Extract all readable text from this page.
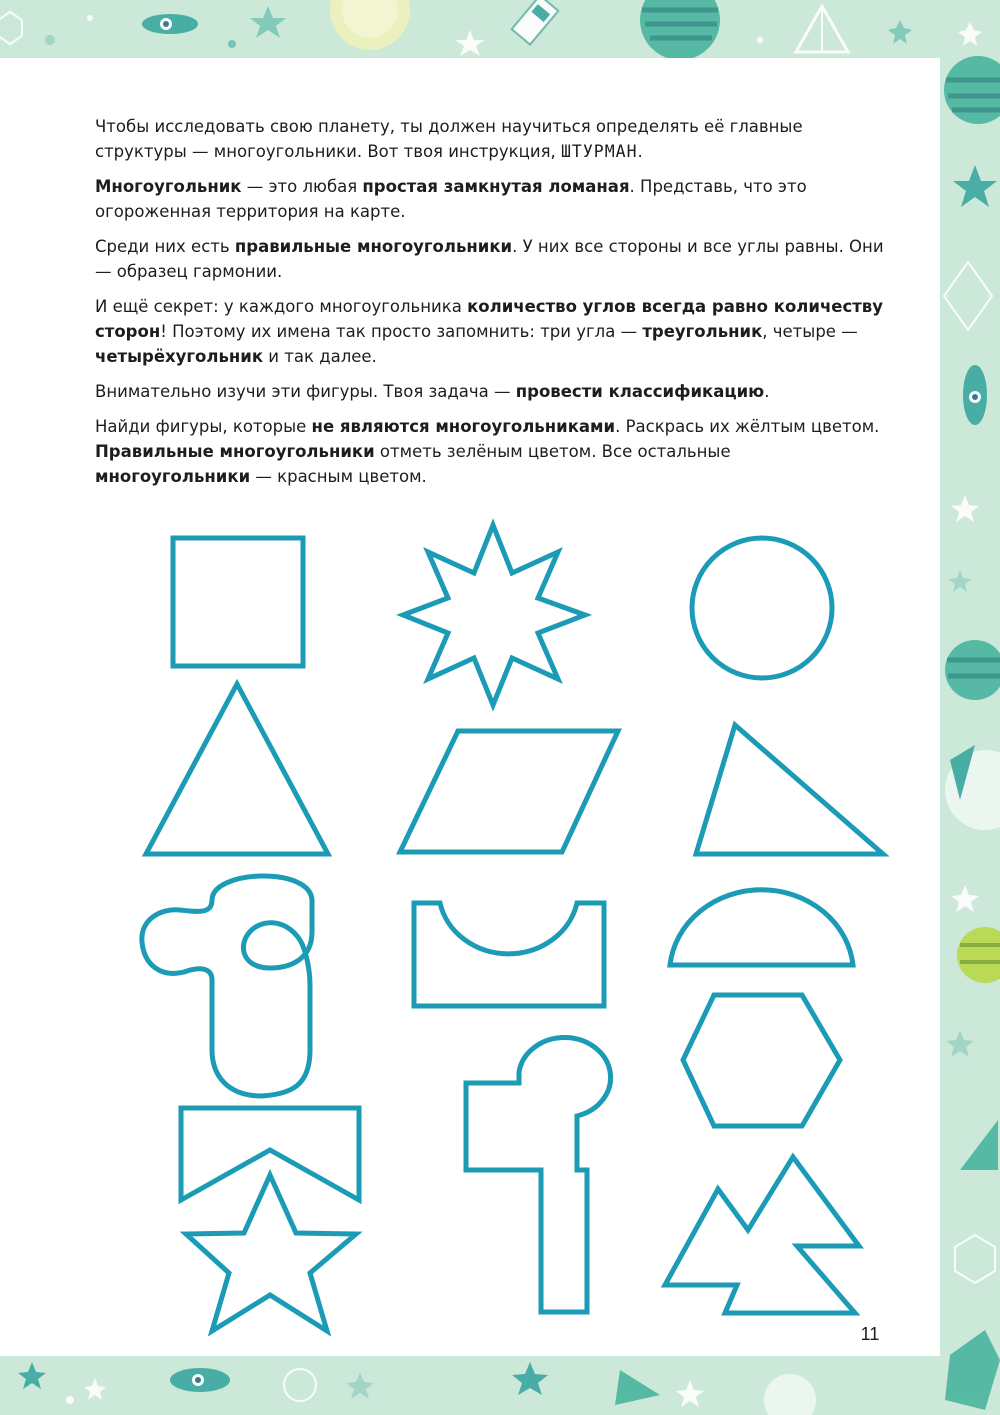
Чтобы исследовать свою планету, ты должен научиться определять её главные структуры — многоугольники. Вот твоя инструкция, ШТУРМАН.

Многоугольник — это любая простая замкнутая ломаная. Представь, что это огороженная территория на карте.

Среди них есть правильные многоугольники. У них все стороны и все углы равны. Они — образец гармонии.

И ещё секрет: у каждого многоугольника количество углов всегда равно количеству сторон! Поэтому их имена так просто запомнить: три угла — треугольник, четыре — четырёхугольник и так далее.

Внимательно изучи эти фигуры. Твоя задача — провести классификацию.

Найди фигуры, которые не являются многоугольниками. Раскрась их жёлтым цветом. Правильные многоугольники отметь зелёным цветом. Все остальные многоугольники — красным цветом.

11
